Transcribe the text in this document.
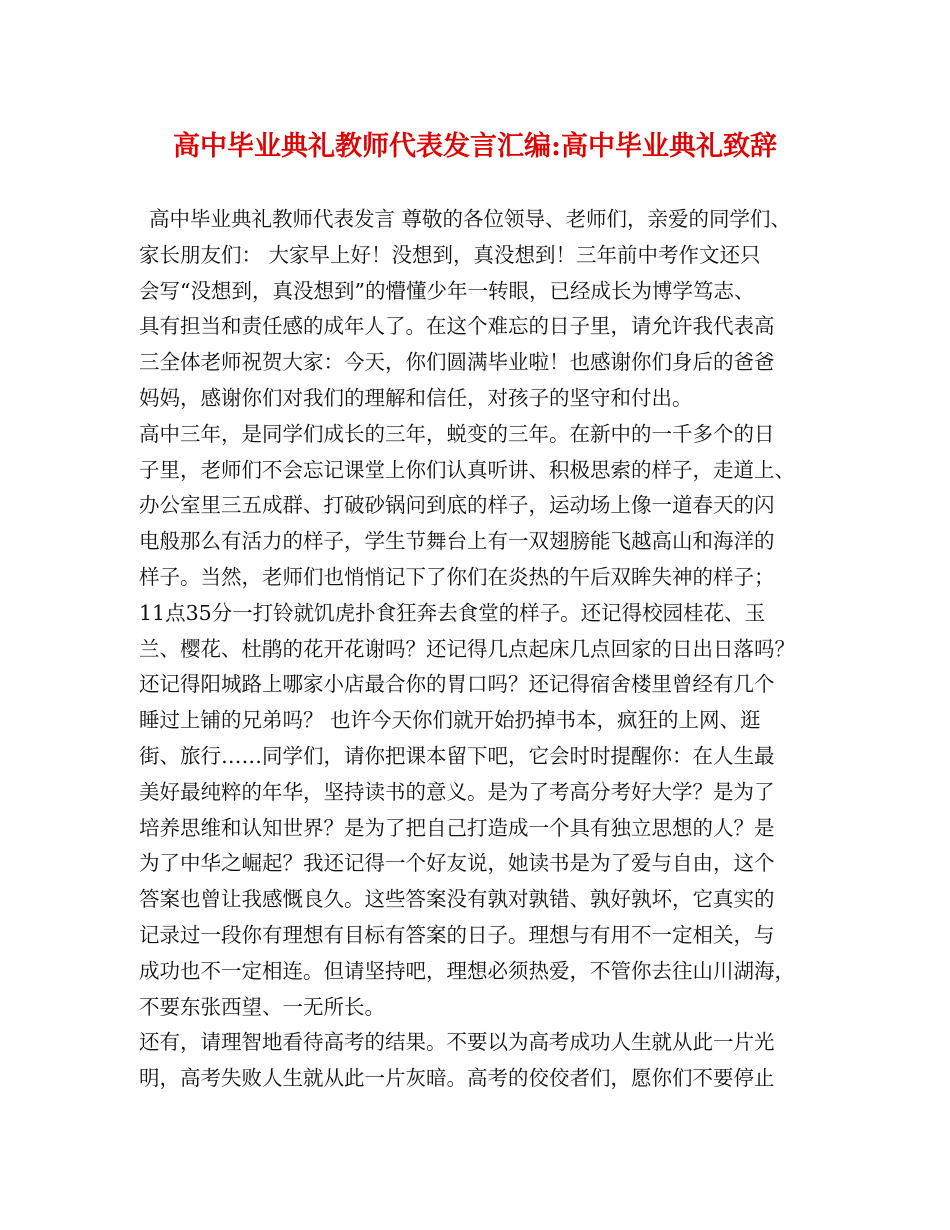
高中毕业典礼教师代表发言汇编:高中毕业典礼致辞
高中毕业典礼教师代表发言 尊敬的各位领导、老师们，亲爱的同学们、
家长朋友们： 大家早上好！没想到，真没想到！三年前中考作文还只
会写“没想到，真没想到”的懵懂少年一转眼，已经成长为博学笃志、
具有担当和责任感的成年人了。在这个难忘的日子里，请允许我代表高
三全体老师祝贺大家：今天，你们圆满毕业啦！也感谢你们身后的爸爸
妈妈，感谢你们对我们的理解和信任，对孩子的坚守和付出。
高中三年，是同学们成长的三年，蜕变的三年。在新中的一千多个的日
子里，老师们不会忘记课堂上你们认真听讲、积极思索的样子，走道上、
办公室里三五成群、打破砂锅问到底的样子，运动场上像一道春天的闪
电般那么有活力的样子，学生节舞台上有一双翅膀能飞越高山和海洋的
样子。当然，老师们也悄悄记下了你们在炎热的午后双眸失神的样子；
11点35分一打铃就饥虎扑食狂奔去食堂的样子。还记得校园桂花、玉
兰、樱花、杜鹃的花开花谢吗？还记得几点起床几点回家的日出日落吗？
还记得阳城路上哪家小店最合你的胃口吗？还记得宿舍楼里曾经有几个
睡过上铺的兄弟吗？ 也许今天你们就开始扔掉书本，疯狂的上网、逛
街、旅行……同学们，请你把课本留下吧，它会时时提醒你：在人生最
美好最纯粹的年华，坚持读书的意义。是为了考高分考好大学？是为了
培养思维和认知世界？是为了把自己打造成一个具有独立思想的人？是
为了中华之崛起？我还记得一个好友说，她读书是为了爱与自由，这个
答案也曾让我感慨良久。这些答案没有孰对孰错、孰好孰坏，它真实的
记录过一段你有理想有目标有答案的日子。理想与有用不一定相关，与
成功也不一定相连。但请坚持吧，理想必须热爱，不管你去往山川湖海，
不要东张西望、一无所长。
还有，请理智地看待高考的结果。不要以为高考成功人生就从此一片光
明，高考失败人生就从此一片灰暗。高考的佼佼者们，愿你们不要停止
